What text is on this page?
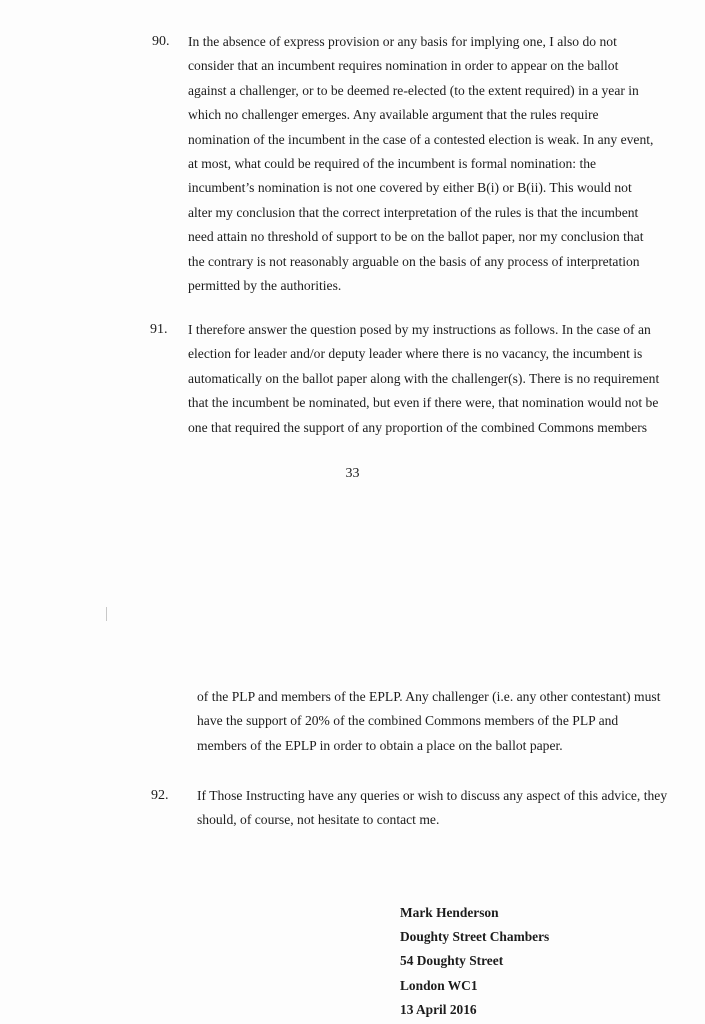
90. In the absence of express provision or any basis for implying one, I also do not
consider that an incumbent requires nomination in order to appear on the ballot
against a challenger, or to be deemed re-elected (to the extent required) in a year in
which no challenger emerges. Any available argument that the rules require
nomination of the incumbent in the case of a contested election is weak. In any event,
at most, what could be required of the incumbent is formal nomination: the
incumbent’s nomination is not one covered by either B(i) or B(ii). This would not
alter my conclusion that the correct interpretation of the rules is that the incumbent
need attain no threshold of support to be on the ballot paper, nor my conclusion that
the contrary is not reasonably arguable on the basis of any process of interpretation
permitted by the authorities.
91. I therefore answer the question posed by my instructions as follows. In the case of an
election for leader and/or deputy leader where there is no vacancy, the incumbent is
automatically on the ballot paper along with the challenger(s). There is no requirement
that the incumbent be nominated, but even if there were, that nomination would not be
one that required the support of any proportion of the combined Commons members
33
of the PLP and members of the EPLP. Any challenger (i.e. any other contestant) must
have the support of 20% of the combined Commons members of the PLP and
members of the EPLP in order to obtain a place on the ballot paper.
92. If Those Instructing have any queries or wish to discuss any aspect of this advice, they
should, of course, not hesitate to contact me.
Mark Henderson
Doughty Street Chambers
54 Doughty Street
London WC1
13 April 2016
